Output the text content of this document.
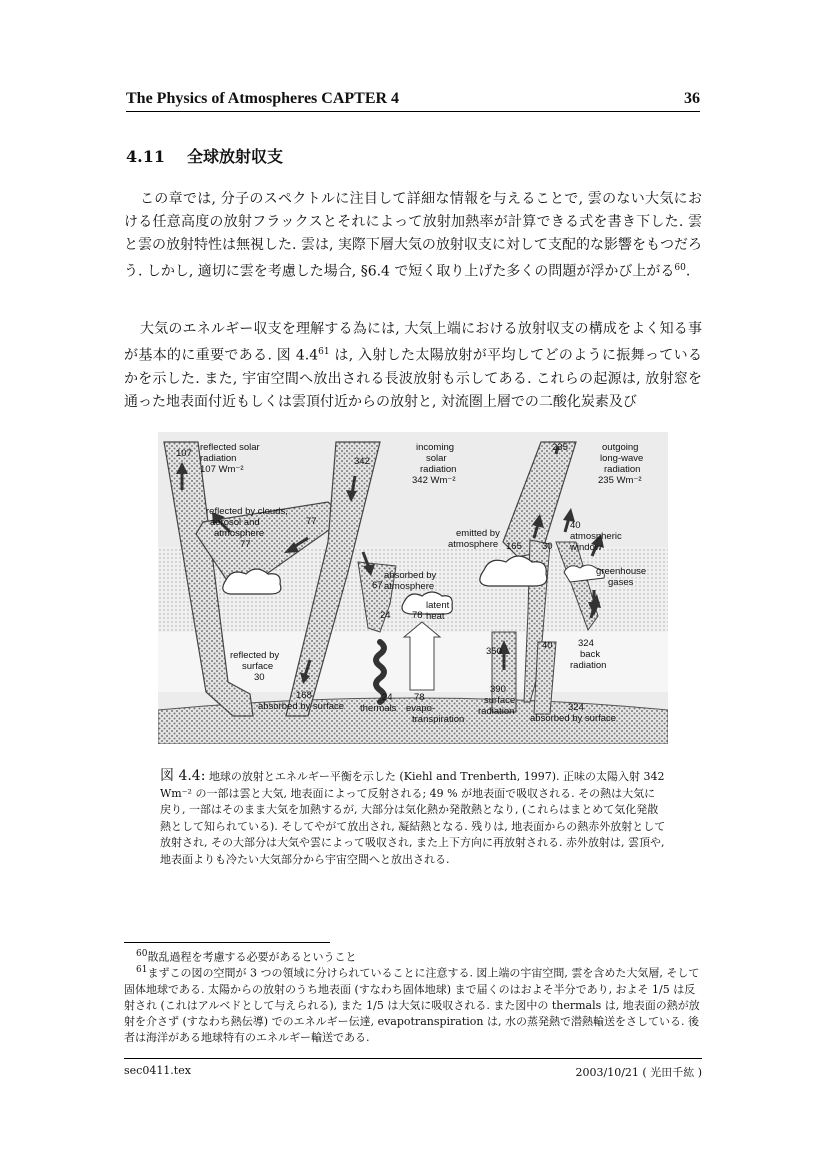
The Physics of Atmospheres CAPTER 4	36
4.11 全球放射収支

この章では, 分子のスペクトルに注目して詳細な情報を与えることで, 雲のない大気における任意高度の放射フラックスとそれによって放射加熱率が計算できる式を書き下した. 雲と雲の放射特性は無視した. 雲は, 実際下層大気の放射収支に対して支配的な影響をもつだろう. しかし, 適切に雲を考慮した場合, §6.4 で短く取り上げた多くの問題が浮かび上がる$^{60}$.

大気のエネルギー収支を理解する為には, 大気上端における放射収支の構成をよく知る事が基本的に重要である. 図 $4.4^{61}$ は, 入射した太陽放射が平均してどのように振舞っているかを示した. また, 宇宙空間へ放出される長波放射も示してある. これらの起源は, 放射窓を通った地表面付近もしくは雲頂付近からの放射と, 対流圏上層での二酸化炭素及び

107
reflected solar
radiation
107 Wm⁻²
342
incoming
solar
radiation
342 Wm⁻²
235	outgoing
long-wave
radiation
235 Wm⁻²
reflected by clouds,
aerosol and
atmosphere
77
77
emitted by
atmosphere 165 30
40
atmospheric
window
greenhouse
gases
absorbed by
atmosphere
67
latent
heat
24 78
reflected by
surface
30
350
40	324
back
radiation
390
surface
radiation
24
thermals
78
evapo-
transpiration
168
absorbed by surface	324
absorbed by surface

図 4.4: 地球の放射とエネルギー平衡を示した (Kiehl and Trenberth, 1997). 正味の太陽入射 342 Wm⁻² の一部は雲と大気, 地表面によって反射される; 49 % が地表面で吸収される. その熱は大気に戻り, 一部はそのまま大気を加熱するが, 大部分は気化熱か発散熱となり, (これらはまとめて気化発散熱として知られている). そしてやがて放出され, 凝結熱となる. 残りは, 地表面からの熱赤外放射として放射され, その大部分は大気や雲によって吸収され, また上下方向に再放射される. 赤外放射は, 雲頂や, 地表面よりも冷たい大気部分から宇宙空間へと放出される.

$^{60}$散乱過程を考慮する必要があるということ

$^{61}$まずこの図の空間が 3 つの領域に分けられていることに注意する. 図上端の宇宙空間, 雲を含めた大気層, そして固体地球である. 太陽からの放射のうち地表面 (すなわち固体地球) まで届くのはおよそ半分であり, およそ 1/5 は反射され (これはアルベドとして与えられる), また 1/5 は大気に吸収される. また図中の thermals は, 地表面の熱が放射を介さず (すなわち熱伝導) でのエネルギー伝達, evapotranspiration は, 水の蒸発熱で潜熱輸送をさしている. 後者は海洋がある地球特有のエネルギー輸送である.

sec0411.tex	2003/10/21 ( 光田千紘 )
